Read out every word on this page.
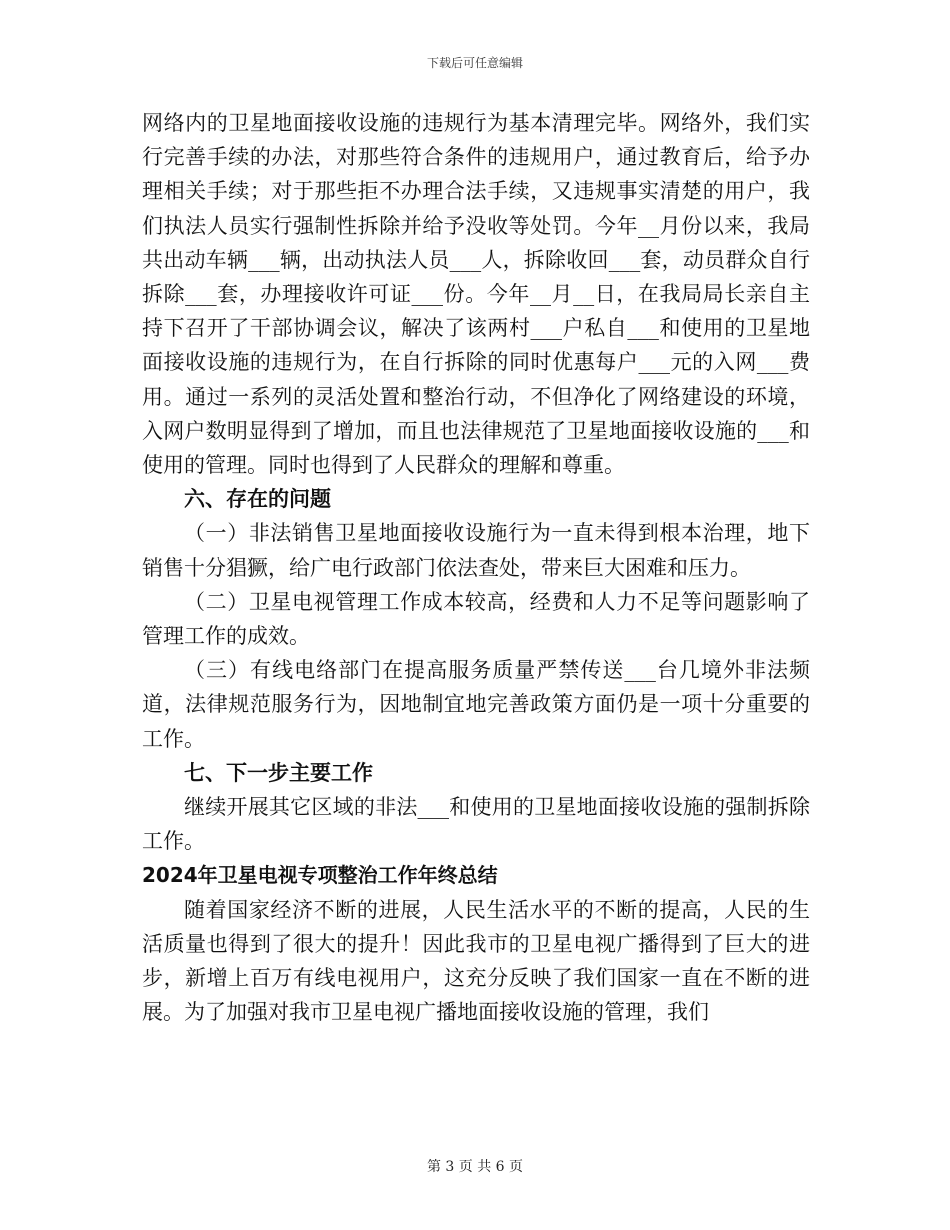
下载后可任意编辑

网络内的卫星地面接收设施的违规行为基本清理完毕。网络外，我们实行完善手续的办法，对那些符合条件的违规用户，通过教育后，给予办理相关手续；对于那些拒不办理合法手续，又违规事实清楚的用户，我们执法人员实行强制性拆除并给予没收等处罚。今年__月份以来，我局共出动车辆___辆，出动执法人员___人，拆除收回___套，动员群众自行拆除___套，办理接收许可证___份。今年__月__日，在我局局长亲自主持下召开了干部协调会议，解决了该两村___户私自___和使用的卫星地面接收设施的违规行为，在自行拆除的同时优惠每户___元的入网___费用。通过一系列的灵活处置和整治行动，不但净化了网络建设的环境，入网户数明显得到了增加，而且也法律规范了卫星地面接收设施的___和使用的管理。同时也得到了人民群众的理解和尊重。

六、存在的问题

（一）非法销售卫星地面接收设施行为一直未得到根本治理，地下销售十分猖獗，给广电行政部门依法查处，带来巨大困难和压力。

（二）卫星电视管理工作成本较高，经费和人力不足等问题影响了管理工作的成效。

（三）有线电络部门在提高服务质量严禁传送___台几境外非法频道，法律规范服务行为，因地制宜地完善政策方面仍是一项十分重要的工作。

七、下一步主要工作

继续开展其它区域的非法___和使用的卫星地面接收设施的强制拆除工作。

2024年卫星电视专项整治工作年终总结

随着国家经济不断的进展，人民生活水平的不断的提高，人民的生活质量也得到了很大的提升！因此我市的卫星电视广播得到了巨大的进步，新增上百万有线电视用户，这充分反映了我们国家一直在不断的进展。为了加强对我市卫星电视广播地面接收设施的管理，我们

第 3 页 共 6 页
